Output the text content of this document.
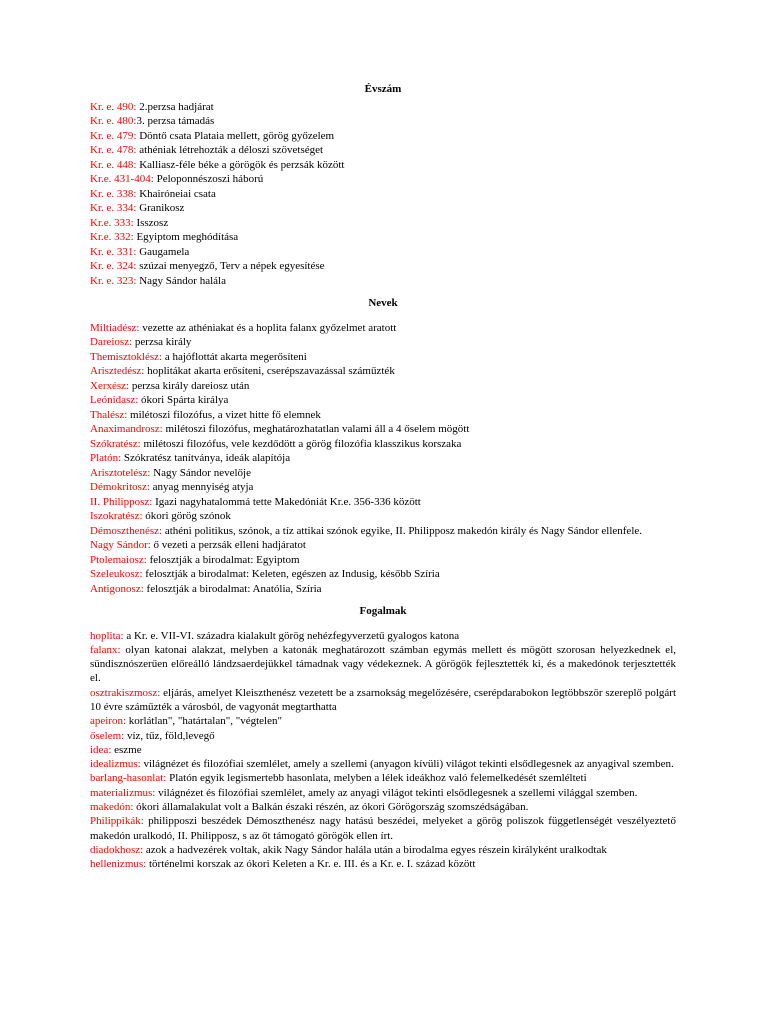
Évszám

Kr. e. 490: 2.perzsa hadjárat

Kr. e. 480:3. perzsa támadás

Kr. e. 479: Döntő csata Plataia mellett, görög győzelem

Kr. e. 478: athéniak létrehozták a déloszi szövetséget

Kr. e. 448: Kalliasz-féle béke a görögök és perzsák között

Kr.e. 431-404: Peloponnészoszi háború

Kr. e. 338: Khairóneiai csata

Kr. e. 334: Granikosz

Kr.e. 333: Isszosz

Kr.e. 332: Egyiptom meghódítása

Kr. e. 331: Gaugamela

Kr. e. 324: szúzai menyegző, Terv a népek egyesítése

Kr. e. 323: Nagy Sándor halála

Nevek

Miltiadész: vezette az athéniakat és a hoplita falanx győzelmet aratott

Dareiosz: perzsa király

Themisztoklész: a hajóflottát akarta megerősíteni

Arisztedész: hoplitákat akarta erősíteni, cserépszavazással száműzték

Xerxész: perzsa király dareiosz után

Leónidasz: ókori Spárta királya

Thalész: milétoszi filozófus, a vizet hitte fő elemnek

Anaximandrosz: milétoszi filozófus, meghatározhatatlan valami áll a 4 őselem mögött

Szókratész: milétoszi filozófus, vele kezdődött a görög filozófia klasszikus korszaka

Platón: Szókratész tanítványa, ideák alapítója

Arisztotelész: Nagy Sándor nevelője

Démokritosz: anyag mennyiség atyja

II. Philipposz: Igazi nagyhatalommá tette Makedóniát Kr.e. 356-336 között

Iszokratész: ókori görög szónok

Démoszthenész: athéni politikus, szónok, a tíz attikai szónok egyike, II. Philipposz makedón király és Nagy Sándor ellenfele.

Nagy Sándor: ő vezeti a perzsák elleni hadjáratot

Ptolemaiosz: felosztják a birodalmat: Egyiptom

Szeleukosz: felosztják a birodalmat: Keleten, egészen az Indusig, később Szíria

Antigonosz: felosztják a birodalmat: Anatólia, Szíria

Fogalmak

hoplita: a Kr. e. VII-VI. századra kialakult görög nehézfegyverzetű gyalogos katona

falanx: olyan katonai alakzat, melyben a katonák meghatározott számban egymás mellett és mögött szorosan helyezkednek el, sündisznószerűen előreálló lándzsaerdejükkel támadnak vagy védekeznek. A görögök fejlesztették ki, és a makedónok terjesztették el.

osztrakiszmosz: eljárás, amelyet Kleiszthenész vezetett be a zsarnokság megelőzésére, cserépdarabokon legtöbbször szereplő polgárt 10 évre száműzték a városból, de vagyonát megtarthatta

apeiron: korlátlan", "határtalan", "végtelen"

őselem: víz, tűz, föld,levegő

idea: eszme

idealizmus: világnézet és filozófiai szemlélet, amely a szellemi (anyagon kívüli) világot tekinti elsődlegesnek az anyagival szemben.

barlang-hasonlat: Platón egyik legismertebb hasonlata, melyben a lélek ideákhoz való felemelkedését szemlélteti

materializmus: világnézet és filozófiai szemlélet, amely az anyagi világot tekinti elsődlegesnek a szellemi világgal szemben.

makedón: ókori államalakulat volt a Balkán északi részén, az ókori Görögország szomszédságában.

Philippikák: philipposzi beszédek Démoszthenész nagy hatású beszédei, melyeket a görög poliszok függetlenségét veszélyeztető makedón uralkodó, II. Philipposz, s az őt támogató görögök ellen írt.

diadokhosz: azok a hadvezérek voltak, akik Nagy Sándor halála után a birodalma egyes részein királyként uralkodtak

hellenizmus: történelmi korszak az ókori Keleten a Kr. e. III. és a Kr. e. I. század között
